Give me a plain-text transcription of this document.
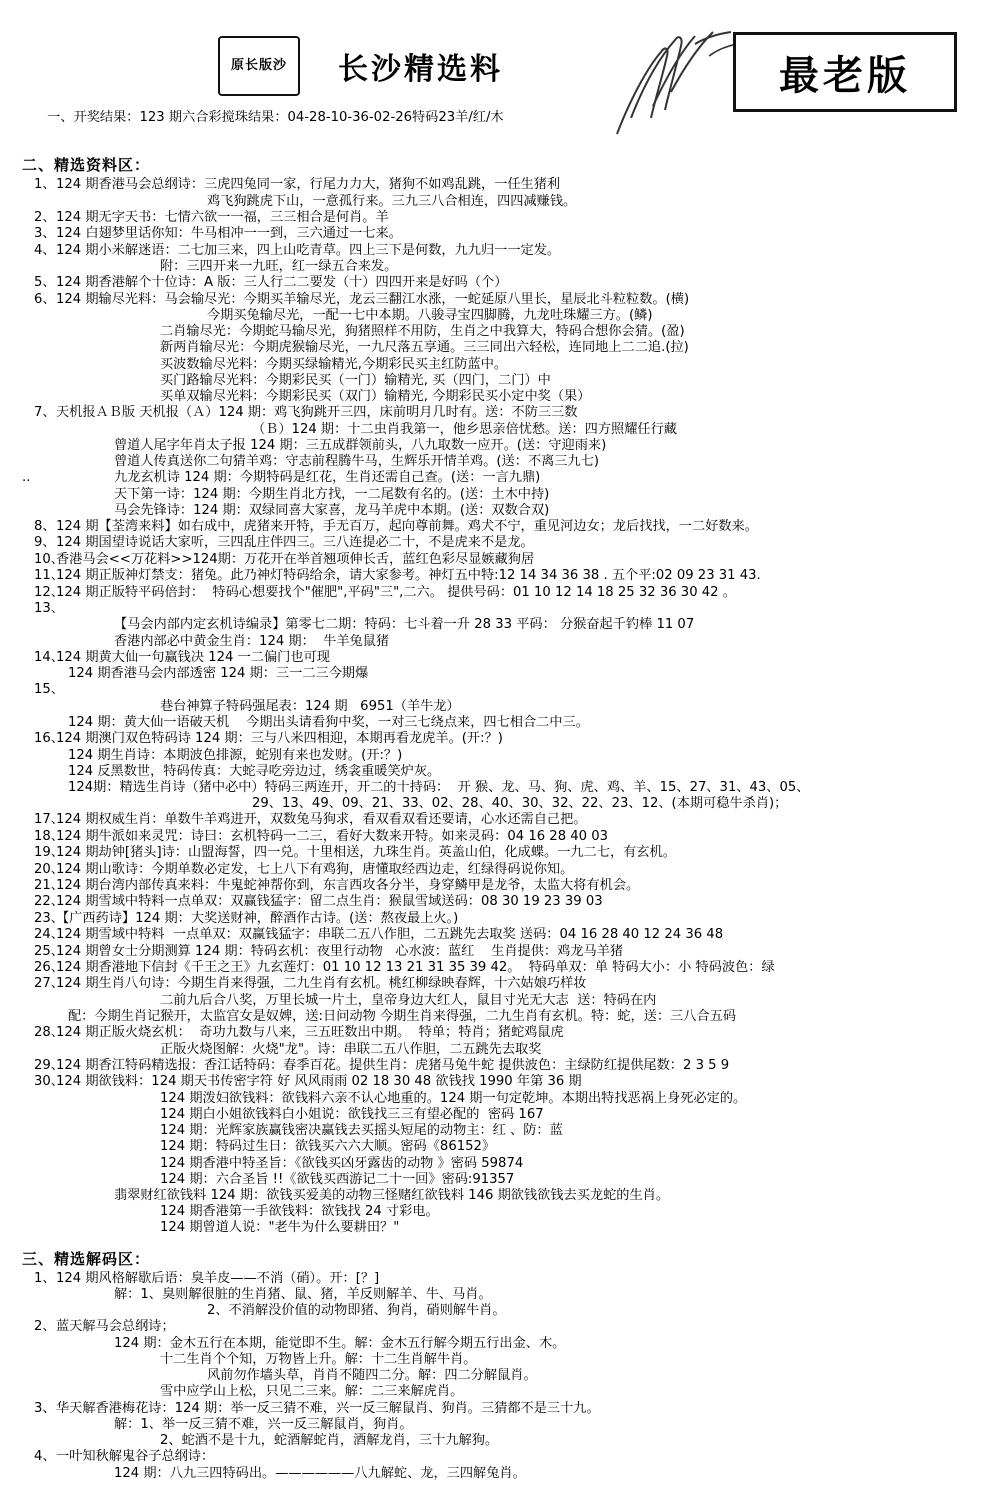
原长 版沙 长沙精选料	最老版

一、开奖结果：123 期六合彩搅珠结果：04-28-10-36-02-26特码23羊/红/木

二、精选资料区：
1、 124 期香港马会总纲诗：三虎四兔同一家，行尾力力大，猪狗不如鸡乱跳，一任生猪利
鸡飞狗跳虎下山，一意孤行来。三九三八合相连，四四减赚钱。
2、 124 期无字天书：七情六欲一一福，三三相合是何肖。羊
3、 124 白翅梦里话你知：牛马相冲一一到，三六通过一七来。
4、 124 期小米解迷语：二七加三来，四上山吃青草。四上三下是何数，九九归一一定发。
附：三四开来一九旺，红一绿五合来发。
5、 124 期香港解个十位诗：A 版：三人行二二要发（十）四四开来是好吗（个）
6、 124 期输尽光料：马会输尽光：今期买羊输尽光，龙云三翻江水涨，一蛇延原八里长，星辰北斗粒粒数。(横)
今期买兔输尽光，一配一七中本期。八骏寻宝四脚腾，九龙吐珠耀三方。(鳞)
二肖输尽光：今期蛇马输尽光，狗猪照样不用防，生肖之中我算大，特码合想你会猜。(盈)
新两肖输尽光：今期虎猴输尽光，一九尺落五享通。三三同出六轻松，连同地上二二追.(拉)
买波数输尽光料：今期买绿输精光,今期彩民买主红防蓝中。
买门路输尽光料：今期彩民买（一门）输精光, 买（四门，二门）中
买单双输尽光料：今期彩民买（双门）输精光, 今期彩民买小定中奖（果）
7、 天机报ＡＢ版 天机报（Ａ）124 期：鸡飞狗跳开三四，床前明月几时有。送：不防三三数
（Ｂ）124 期：十二虫肖我第一，他乡思亲倍忧愁。送：四方照耀任行藏
曾道人尾字年肖太子报 124 期：三五成群领前头，八九取数一应开。(送：守迎雨来)
曾道人传真送你二句猜羊鸡：守志前程腾牛马，生辉乐开情羊鸡。(送：不离三九七)
.. 九龙玄机诗 124 期：今期特码是红花，生肖还需自己查。(送：一言九鼎)
天下第一诗：124 期：今期生肖北方找，一二尾数有名的。(送：土木中持)
马会先锋诗：124 期：双绿同喜大家喜，龙马羊虎中本期。(送：双数合双)
8、 124 期【荃湾来料】如右成中，虎猪来开特，手无百万，起向尊前舞。鸡犬不宁，重见河边女；龙后找找，一二好数来。
9、 124 期国望诗说话大家听，三四乱庄伴四三。三八连提必二十，不是虎来不是龙。
10、
香港马会<<万花料>>124期：万花开在举首翘项伸长舌，蓝红色彩尽显嫉藏狗居
11、
124 期正版神灯禁支：猪兔。此乃神灯特码给余，请大家参考。神灯五中特:12 14 34 36 38 . 五个平:02 09 23 31 43.
12、
124 期正版特平码倍封：  特码心想要找个"催肥",平码"三",二六。 提供号码：01 10 12 14 18 25 32 36 30 42 。
13、
【马会内部内定玄机诗编录】第零七二期：特码：七斗着一升 28 33 平码： 分猴奋起千钓棒 11 07
香港内部必中黄金生肖：124 期：  牛羊兔鼠猪
14、
124 期黄大仙一句赢钱决 124 一二偏门也可现
124 期香港马会内部透密 124 期：三一二三今期爆
15、
巷台神算子特码强尾表：124 期   6951（羊牛龙）
124 期：黄大仙一语破天机    今期出头请看狗中奖，一对三七绕点来，四七相合二中三。
16、
124 期澳门双色特码诗 124 期：三与八米四相迎，本期再看龙虎羊。(开:？)
124 期生肖诗：本期波色排源，蛇别有来也发财。(开:？)
124 反黑数世，特码传真：大蛇寻吃旁边过，绣衾重暖笑炉灰。
124期：精选生肖诗（猪中必中）特码三两连开，开二的十持码：  开 猴、龙、马、狗、虎、鸡、羊、15、27、31、43、05、
29、13、49、09、21、33、02、28、40、30、32、22、23、12、(本期可稳牛杀肖)；
17、
124 期权威生肖：单数牛羊鸡进开，双数兔马狗求，看双看双看还要请，心水还需自己把。
18、
124 期牛派如来灵咒：诗曰：玄机特码一二三，看好大数来开特。如来灵码：04 16 28 40 03
19、
124 期劫钟[猪头]诗：山盟海誓，四一兑。十里相送，九珠生肖。英盖山伯，化成蝶。一九二七，有玄机。
20、
124 期山歌诗：今期单数必定发，七上八下有鸡狗，唐懂取经西边走，红绿得码说你知。
21、
124 期台湾内部传真来料：牛鬼蛇神帮你到，东言西攻各分半，身穿鳞甲是龙爷，太监大将有机会。
22、
124 期雪域中特料一点单双：双赢钱猛字：留二点生肖：猴鼠雪域送码：08 30 19 23 39 03
23、
【广西药诗】124 期：大奖送财神，醉酒作古诗。(送：熬夜最上火。)
24、
124 期雪域中特料  一点单双：双赢钱猛字：串联二五八作胆，二五跳先去取奖 送码：04 16 28 40 12 24 36 48
25、
124 期曾女士分期测算 124 期：特码玄机：夜里行动物   心水波：蓝红    生肖提供：鸡龙马羊猪
26、
124 期香港地下信封《千王之王》九玄莲灯：01 10 12 13 21 31 35 39 42。  特码单双：单 特码大小：小 特码波色：绿
27、
124 期生肖八句诗：今期生肖来得强，二九生肖有玄机。桃红柳绿映春辉，十六姑娘巧样妆
二前九后合八奖，万里长城一片土，皇帝身边大红人，鼠目寸光无大志  送：特码在内
配：今期生肖记猴开，太监宫女是奴婢，送:日问动物 今期生肖来得强，二九生肖有玄机。特：蛇，送：三八合五码
28、
124 期正版火烧玄机：  奇功九数与八来，三五旺数出中期。  特单；特肖；猪蛇鸡鼠虎
正版火烧图解：火烧"龙"。诗：串联二五八作胆，二五跳先去取奖
29、
124 期香江特码精选报：香江话特码：春季百花。提供生肖：虎猪马兔牛蛇 提供波色：主绿防红提供尾数：2 3 5 9
30、
124 期欲钱料：124 期天书传密字符 好 风风雨雨 02 18 30 48 欲钱找 1990 年第 36 期
124 期泼妇欲钱料：欲钱料六亲不认心地重的。124 期一句定乾坤。本期出特找恶祸上身死必定的。
124 期白小姐欲钱料白小姐说：欲钱找三三有望必配的  密码 167
124 期：光辉家族赢钱密决赢钱去买摇头短尾的动物主：红 、防：蓝
124 期：特码过生日：欲钱买六六大顺。密码《86152》
124 期香港中特圣旨：《欲钱买凶牙露齿的动物 》密码 59874
124 期：六合圣旨 !!《欲钱买西游记二十一回》密码:91357
翡翠财红欲钱料 124 期：欲钱买爱美的动物三怪赌红欲钱料 146 期欲钱欲钱去买龙蛇的生肖。
124 期香港第一手欲钱料：欲钱找 24 寸彩电。
124 期曾道人说："老牛为什么要耕田？"
三、精选解码区：
1、 124 期风格解歇后语：臭羊皮——不消（硝）。开：[？]
解：1、臭则解很脏的生肖猪、鼠、猪，羊反则解羊、牛、马肖。
2、不消解没价值的动物即猪、狗肖，硝则解牛肖。
2、 蓝天解马会总纲诗；
124 期：金木五行在本期，能觉即不生。解：金木五行解今期五行出金、木。
十二生肖个个知，万物皆上升。解：十二生肖解牛肖。
风前勿作墙头草，肖肖不随四二分。解：四二分解鼠肖。
雪中应学山上松，只见二三来。解：二三来解虎肖。
3、 华天解香港梅花诗：124 期：举一反三猜不难，兴一反三解鼠肖、狗肖。三猜都不是三十九。
解：1、举一反三猜不难，兴一反三解鼠肖，狗肖。
2、蛇酒不是十九，蛇酒解蛇肖，酒解龙肖，三十九解狗。
4、 一叶知秋解鬼谷子总纲诗：
124 期：八九三四特码出。——————八九解蛇、龙，三四解兔肖。
